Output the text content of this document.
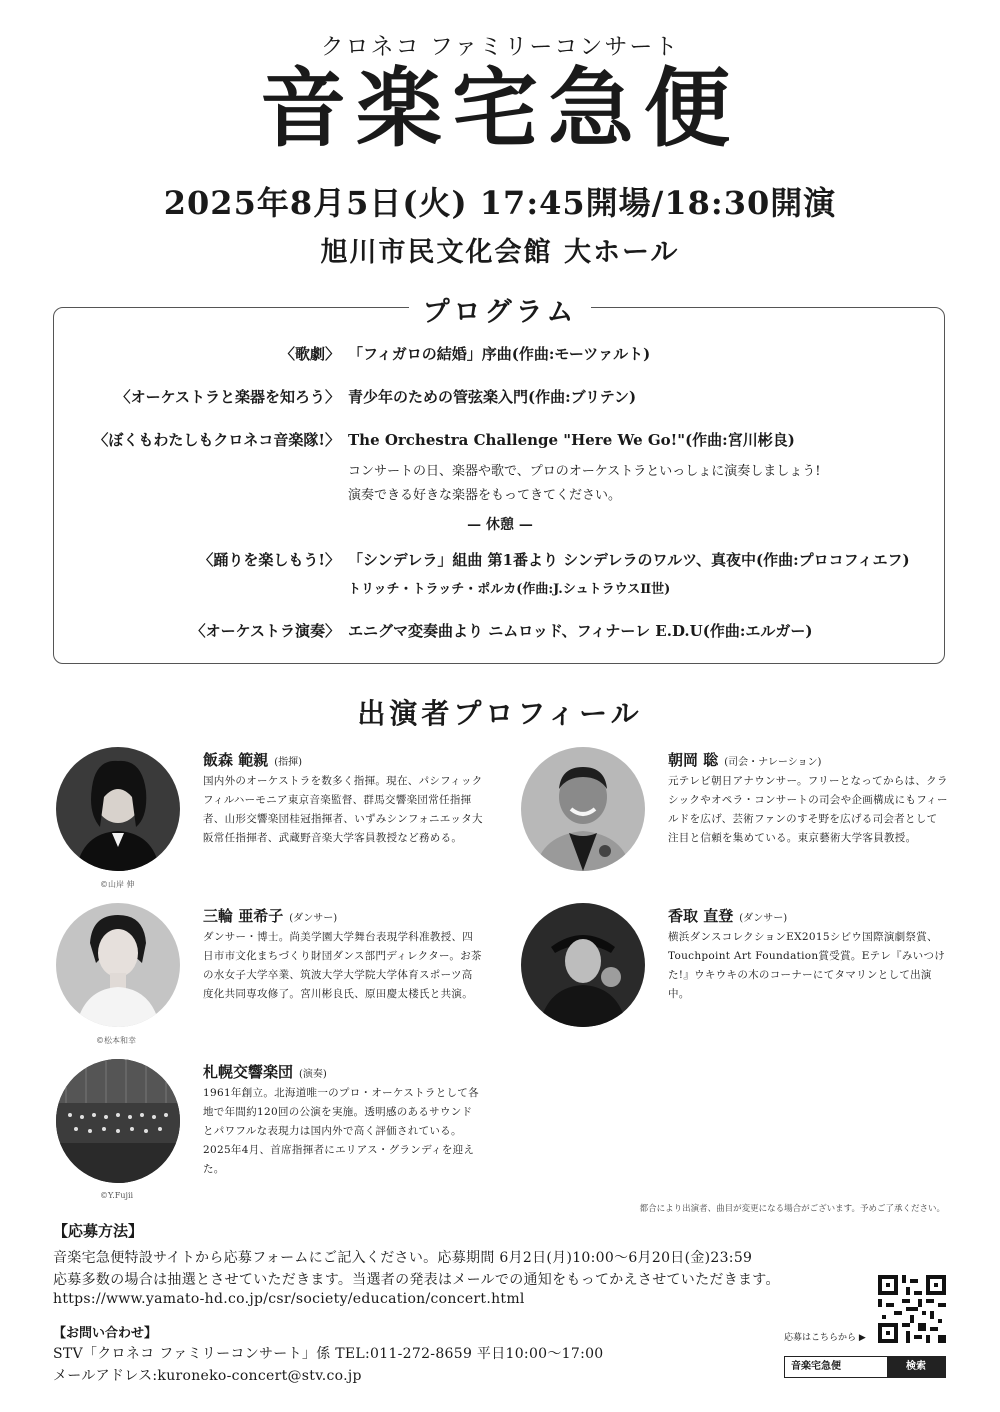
クロネコ ファミリーコンサート
音楽宅急便
2025年8月5日(火) 17:45開場/18:30開演
旭川市民文化会館 大ホール
プログラム
〈歌劇〉 「フィガロの結婚」序曲(作曲:モーツァルト)
〈オーケストラと楽器を知ろう〉 青少年のための管弦楽入門(作曲:ブリテン)
〈ぼくもわたしもクロネコ音楽隊!〉 The Orchestra Challenge "Here We Go!"(作曲:宮川彬良)
コンサートの日、楽器や歌で、プロのオーケストラといっしょに演奏しましょう!
演奏できる好きな楽器をもってきてください。
— 休憩 —
〈踊りを楽しもう!〉 「シンデレラ」組曲 第1番より シンデレラのワルツ、真夜中(作曲:プロコフィエフ)
トリッチ・トラッチ・ポルカ(作曲:J.シュトラウスⅡ世)
〈オーケストラ演奏〉 エニグマ変奏曲より ニムロッド、フィナーレ E.D.U(作曲:エルガー)
出演者プロフィール
©山岸 伸
飯森 範親 (指揮)
国内外のオーケストラを数多く指揮。現在、パシフィックフィルハーモニア東京音楽監督、群馬交響楽団常任指揮者、山形交響楽団桂冠指揮者、いずみシンフォニエッタ大阪常任指揮者、武蔵野音楽大学客員教授など務める。
朝岡 聡 (司会・ナレーション)
元テレビ朝日アナウンサー。フリーとなってからは、クラシックやオペラ・コンサートの司会や企画構成にもフィールドを広げ、芸術ファンのすそ野を広げる司会者として注目と信頼を集めている。東京藝術大学客員教授。
©松本和幸
三輪 亜希子 (ダンサー)
ダンサー・博士。尚美学園大学舞台表現学科准教授、四日市市文化まちづくり財団ダンス部門ディレクター。お茶の水女子大学卒業、筑波大学大学院大学体育スポーツ高度化共同専攻修了。宮川彬良氏、原田慶太楼氏と共演。
香取 直登 (ダンサー)
横浜ダンスコレクションEX2015シビウ国際演劇祭賞、Touchpoint Art Foundation賞受賞。Eテレ『みいつけた!』ウキウキの木のコーナーにてタマリンとして出演中。
©Y.Fujii
札幌交響楽団 (演奏)
1961年創立。北海道唯一のプロ・オーケストラとして各地で年間約120回の公演を実施。透明感のあるサウンドとパワフルな表現力は国内外で高く評価されている。2025年4月、首席指揮者にエリアス・グランディを迎えた。
都合により出演者、曲目が変更になる場合がございます。予めご了承ください。
【応募方法】
音楽宅急便特設サイトから応募フォームにご記入ください。応募期間 6月2日(月)10:00〜6月20日(金)23:59
応募多数の場合は抽選とさせていただきます。当選者の発表はメールでの通知をもってかえさせていただきます。
https://www.yamato-hd.co.jp/csr/society/education/concert.html
【お問い合わせ】
STV「クロネコ ファミリーコンサート」係 TEL:011-272-8659 平日10:00〜17:00
メールアドレス:kuroneko-concert@stv.co.jp
応募はこちらから ▶
音楽宅急便	検索
